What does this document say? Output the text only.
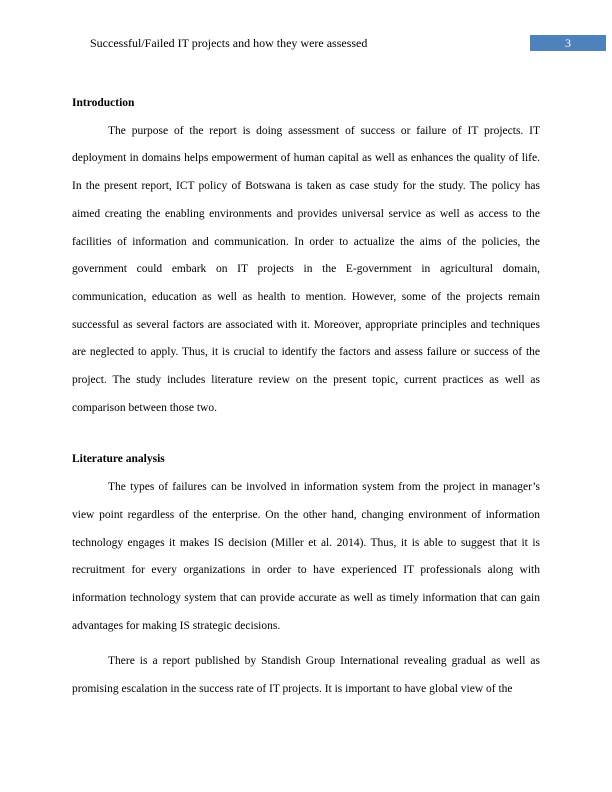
Successful/Failed IT projects and how they were assessed	3

Introduction

The purpose of the report is doing assessment of success or failure of IT projects. IT deployment in domains helps empowerment of human capital as well as enhances the quality of life. In the present report, ICT policy of Botswana is taken as case study for the study. The policy has aimed creating the enabling environments and provides universal service as well as access to the facilities of information and communication. In order to actualize the aims of the policies, the government could embark on IT projects in the E-government in agricultural domain, communication, education as well as health to mention. However, some of the projects remain successful as several factors are associated with it. Moreover, appropriate principles and techniques are neglected to apply. Thus, it is crucial to identify the factors and assess failure or success of the project. The study includes literature review on the present topic, current practices as well as comparison between those two.

Literature analysis

The types of failures can be involved in information system from the project in manager’s view point regardless of the enterprise. On the other hand, changing environment of information technology engages it makes IS decision (Miller et al. 2014). Thus, it is able to suggest that it is recruitment for every organizations in order to have experienced IT professionals along with information technology system that can provide accurate as well as timely information that can gain advantages for making IS strategic decisions.

There is a report published by Standish Group International revealing gradual as well as promising escalation in the success rate of IT projects. It is important to have global view of the
